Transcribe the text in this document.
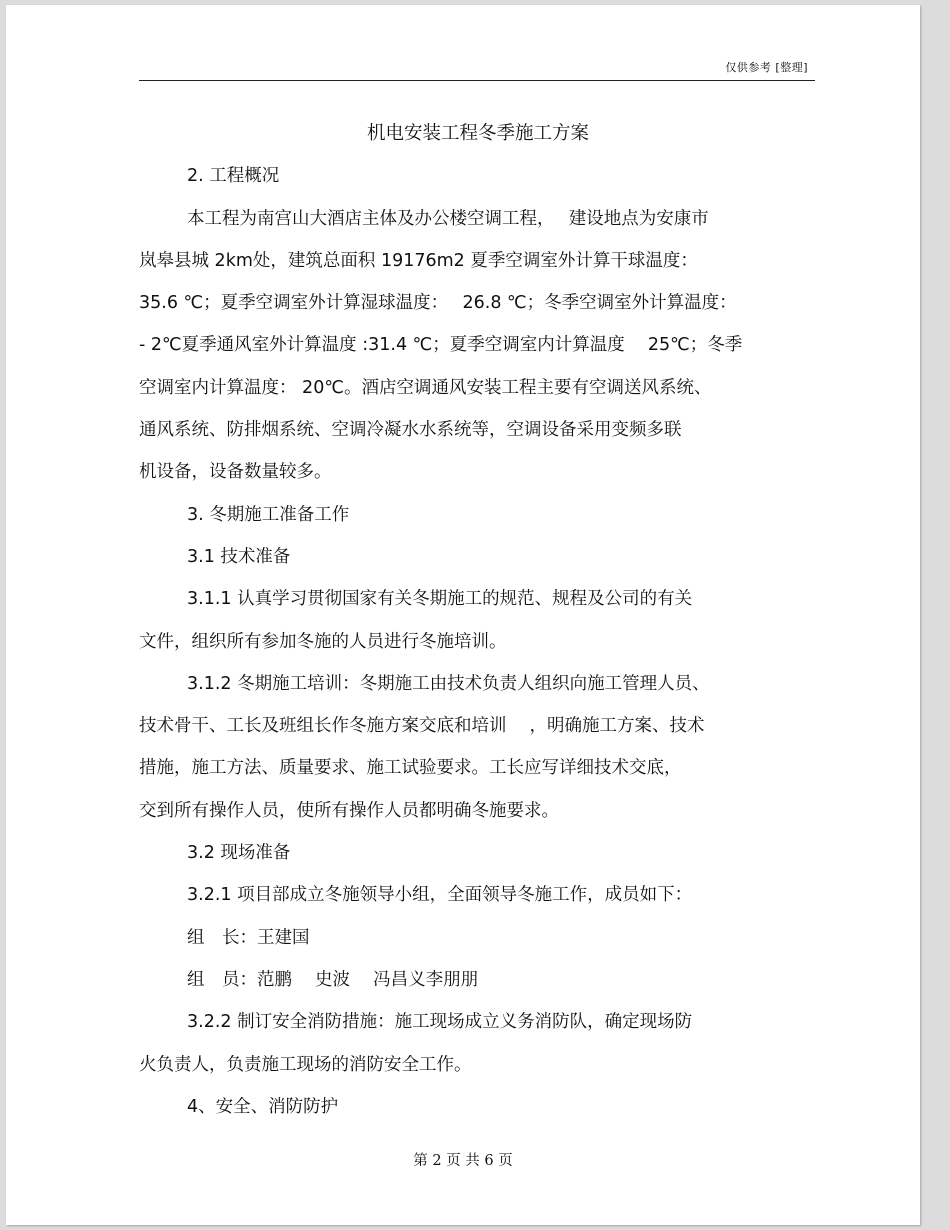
仅供参考 [整理]

机电安装工程冬季施工方案

2. 工程概况

本工程为南宫山大酒店主体及办公楼空调工程，　 建设地点为安康市

岚皋县城 2km处，建筑总面积 19176m2 夏季空调室外计算干球温度：

35.6 ℃；夏季空调室外计算湿球温度：　 26.8 ℃；冬季空调室外计算温度：

- 2℃夏季通风室外计算温度 :31.4 ℃；夏季空调室内计算温度　 25℃；冬季

空调室内计算温度： 20℃。酒店空调通风安装工程主要有空调送风系统、

通风系统、防排烟系统、空调冷凝水水系统等，空调设备采用变频多联

机设备，设备数量较多。

3. 冬期施工准备工作

3.1 技术准备

3.1.1 认真学习贯彻国家有关冬期施工的规范、规程及公司的有关

文件，组织所有参加冬施的人员进行冬施培训。

3.1.2 冬期施工培训：冬期施工由技术负责人组织向施工管理人员、

技术骨干、工长及班组长作冬施方案交底和培训　 ，明确施工方案、技术

措施，施工方法、质量要求、施工试验要求。工长应写详细技术交底，

交到所有操作人员，使所有操作人员都明确冬施要求。

3.2 现场准备

3.2.1 项目部成立冬施领导小组，全面领导冬施工作，成员如下：

组　长：王建国

组　员：范鹏　 史波　 冯昌义李朋朋

3.2.2 制订安全消防措施：施工现场成立义务消防队，确定现场防

火负责人，负责施工现场的消防安全工作。

4、安全、消防防护

第 2 页 共 6 页
